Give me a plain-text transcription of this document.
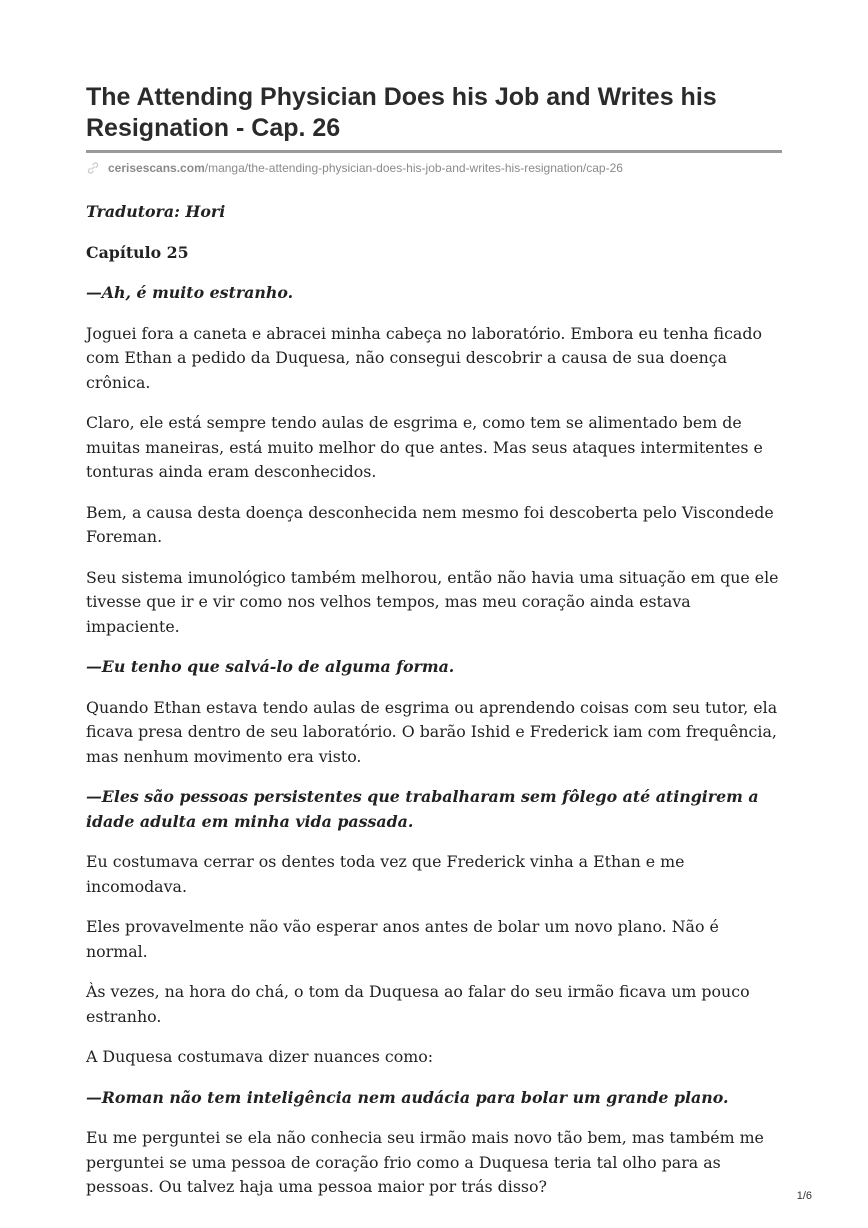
The Attending Physician Does his Job and Writes his Resignation - Cap. 26
cerisescans.com /manga/the-attending-physician-does-his-job-and-writes-his-resignation/cap-26

Tradutora: Hori

Capítulo 25

—Ah, é muito estranho.

Joguei fora a caneta e abracei minha cabeça no laboratório. Embora eu tenha ficado com Ethan a pedido da Duquesa, não consegui descobrir a causa de sua doença crônica.

Claro, ele está sempre tendo aulas de esgrima e, como tem se alimentado bem de muitas maneiras, está muito melhor do que antes. Mas seus ataques intermitentes e tonturas ainda eram desconhecidos.

Bem, a causa desta doença desconhecida nem mesmo foi descoberta pelo Viscondede Foreman.

Seu sistema imunológico também melhorou, então não havia uma situação em que ele tivesse que ir e vir como nos velhos tempos, mas meu coração ainda estava impaciente.

—Eu tenho que salvá-lo de alguma forma.

Quando Ethan estava tendo aulas de esgrima ou aprendendo coisas com seu tutor, ela ficava presa dentro de seu laboratório. O barão Ishid e Frederick iam com frequência, mas nenhum movimento era visto.

—Eles são pessoas persistentes que trabalharam sem fôlego até atingirem a idade adulta em minha vida passada.

Eu costumava cerrar os dentes toda vez que Frederick vinha a Ethan e me incomodava.

Eles provavelmente não vão esperar anos antes de bolar um novo plano. Não é normal.

Às vezes, na hora do chá, o tom da Duquesa ao falar do seu irmão ficava um pouco estranho.

A Duquesa costumava dizer nuances como:

—Roman não tem inteligência nem audácia para bolar um grande plano.

Eu me perguntei se ela não conhecia seu irmão mais novo tão bem, mas também me perguntei se uma pessoa de coração frio como a Duquesa teria tal olho para as pessoas. Ou talvez haja uma pessoa maior por trás disso?	1/6
